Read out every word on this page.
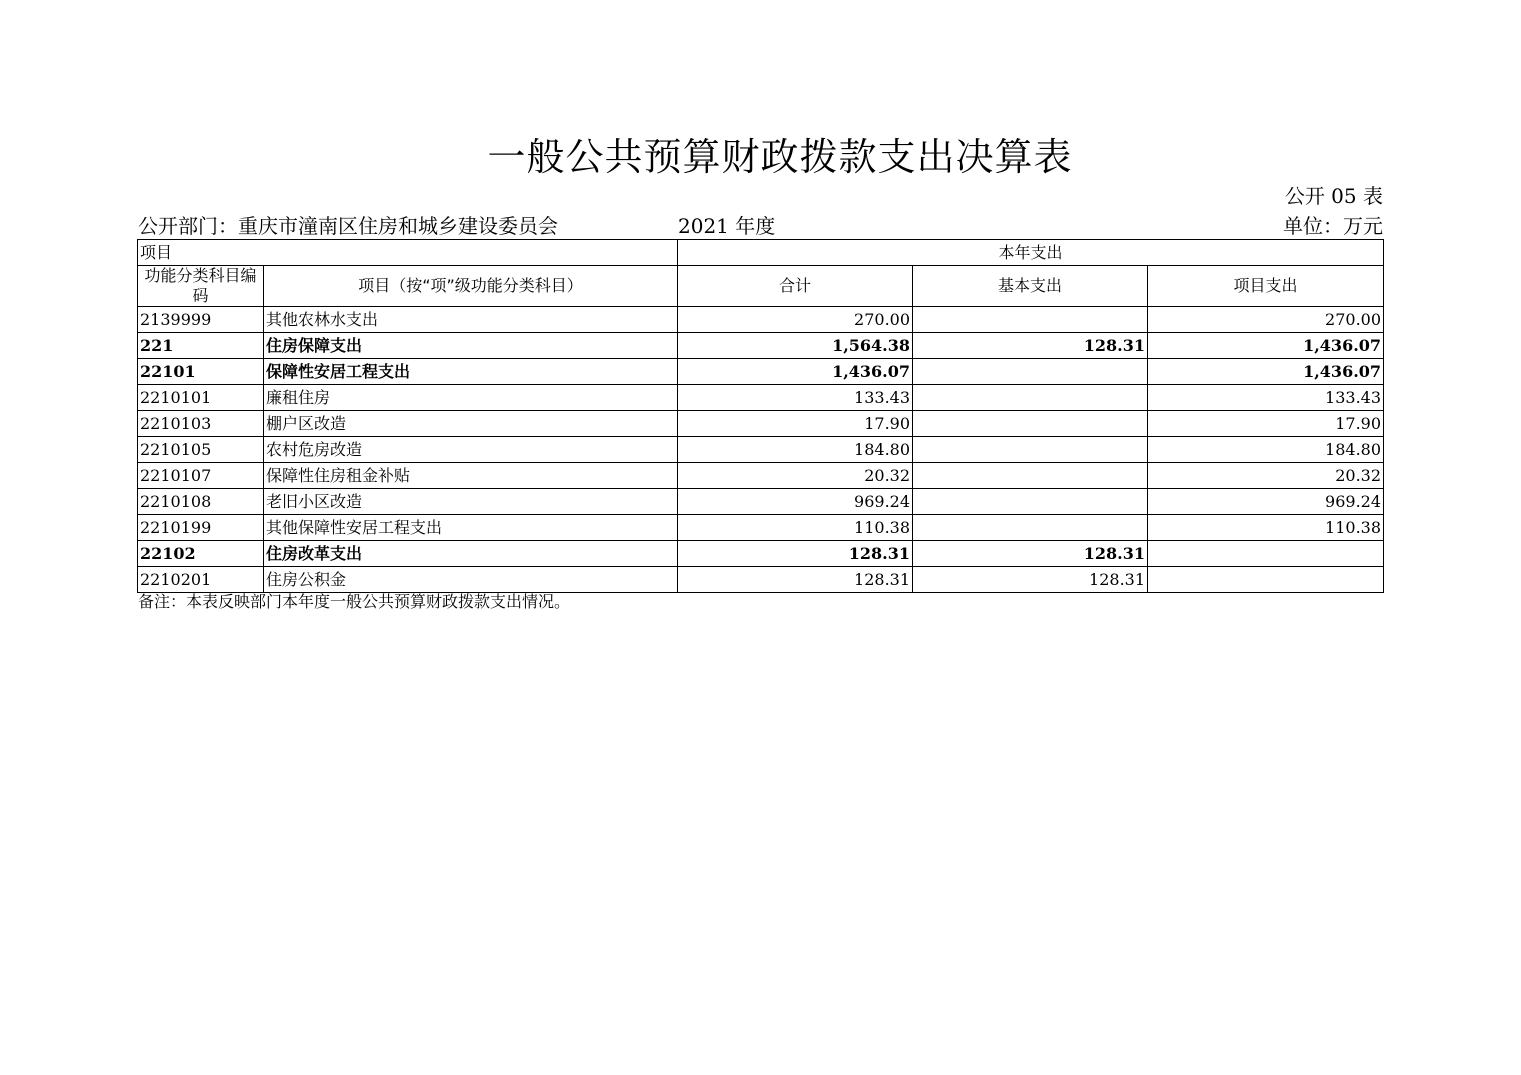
一般公共预算财政拨款支出决算表
公开 05 表
公开部门：重庆市潼南区住房和城乡建设委员会	2021 年度	单位：万元
项目		本年支出		
功能分类科目编码	项目（按“项”级功能分类科目）	合计	基本支出	项目支出
2139999	其他农林水支出	270.00		270.00
221	住房保障支出	1,564.38	128.31	1,436.07
22101	保障性安居工程支出	1,436.07		1,436.07
2210101	廉租住房	133.43		133.43
2210103	棚户区改造	17.90		17.90
2210105	农村危房改造	184.80		184.80
2210107	保障性住房租金补贴	20.32		20.32
2210108	老旧小区改造	969.24		969.24
2210199	其他保障性安居工程支出	110.38		110.38
22102	住房改革支出	128.31	128.31	
2210201	住房公积金	128.31	128.31	
备注：本表反映部门本年度一般公共预算财政拨款支出情况。
